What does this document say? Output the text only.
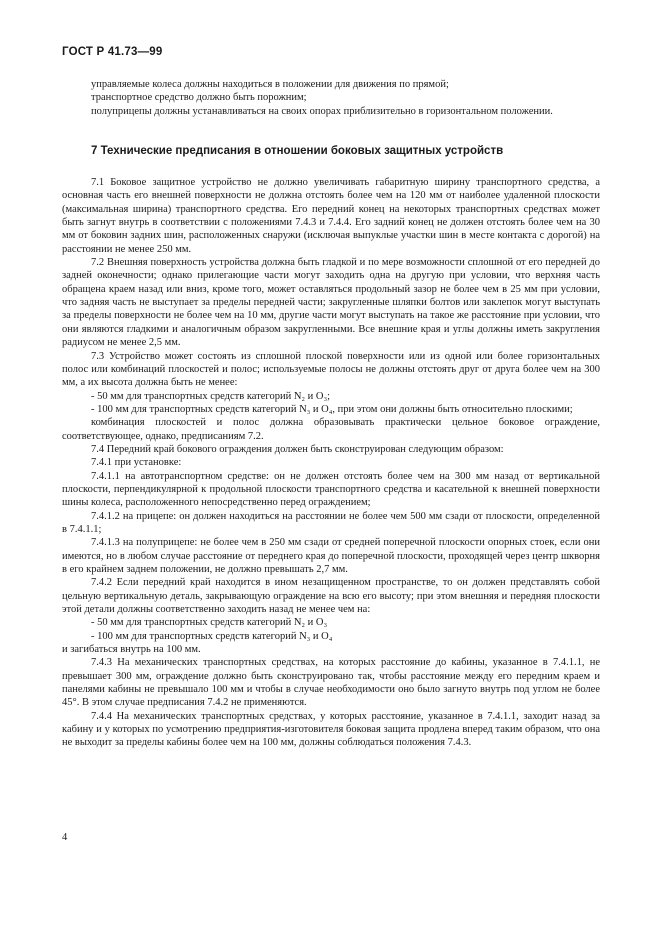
ГОСТ Р 41.73—99

управляемые колеса должны находиться в положении для движения по прямой;

транспортное средство должно быть порожним;

полуприцепы должны устанавливаться на своих опорах приблизительно в горизонтальном положении.

7 Технические предписания в отношении боковых защитных устройств

7.1 Боковое защитное устройство не должно увеличивать габаритную ширину транспортного средства, а основная часть его внешней поверхности не должна отстоять более чем на 120 мм от наиболее удаленной плоскости (максимальная ширина) транспортного средства. Его передний конец на некоторых транспортных средствах может быть загнут внутрь в соответствии с положениями 7.4.3 и 7.4.4. Его задний конец не должен отстоять более чем на 30 мм от боковин задних шин, расположенных снаружи (исключая выпуклые участки шин в месте контакта с дорогой) на расстоянии не менее 250 мм.

7.2 Внешняя поверхность устройства должна быть гладкой и по мере возможности сплошной от его передней до задней оконечности; однако прилегающие части могут заходить одна на другую при условии, что верхняя часть обращена краем назад или вниз, кроме того, может оставляться продольный зазор не более чем в 25 мм при условии, что задняя часть не выступает за пределы передней части; закругленные шляпки болтов или заклепок могут выступать за пределы поверхности не более чем на 10 мм, другие части могут выступать на такое же расстояние при условии, что они являются гладкими и аналогичным образом закругленными. Все внешние края и углы должны иметь закругления радиусом не менее 2,5 мм.

7.3 Устройство может состоять из сплошной плоской поверхности или из одной или более горизонтальных полос или комбинаций плоскостей и полос; используемые полосы не должны отстоять друг от друга более чем на 300 мм, а их высота должна быть не менее:

- 50 мм для транспортных средств категорий N₂ и O₃;

- 100 мм для транспортных средств категорий N₃ и O₄, при этом они должны быть относительно плоскими;

комбинация плоскостей и полос должна образовывать практически цельное боковое ограждение, соответствующее, однако, предписаниям 7.2.

7.4 Передний край бокового ограждения должен быть сконструирован следующим образом:

7.4.1 при установке:

7.4.1.1 на автотранспортном средстве: он не должен отстоять более чем на 300 мм назад от вертикальной плоскости, перпендикулярной к продольной плоскости транспортного средства и касательной к внешней поверхности шины колеса, расположенного непосредственно перед ограждением;

7.4.1.2 на прицепе: он должен находиться на расстоянии не более чем 500 мм сзади от плоскости, определенной в 7.4.1.1;

7.4.1.3 на полуприцепе: не более чем в 250 мм сзади от средней поперечной плоскости опорных стоек, если они имеются, но в любом случае расстояние от переднего края до поперечной плоскости, проходящей через центр шкворня в его крайнем заднем положении, не должно превышать 2,7 мм.

7.4.2 Если передний край находится в ином незащищенном пространстве, то он должен представлять собой цельную вертикальную деталь, закрывающую ограждение на всю его высоту; при этом внешняя и передняя плоскости этой детали должны соответственно заходить назад не менее чем на:

- 50 мм для транспортных средств категорий N₂ и O₃

- 100 мм для транспортных средств категорий N₃ и O₄

и загибаться внутрь на 100 мм.

7.4.3 На механических транспортных средствах, на которых расстояние до кабины, указанное в 7.4.1.1, не превышает 300 мм, ограждение должно быть сконструировано так, чтобы расстояние между его передним краем и панелями кабины не превышало 100 мм и чтобы в случае необходимости оно было загнуто внутрь под углом не более 45°. В этом случае предписания 7.4.2 не применяются.

7.4.4 На механических транспортных средствах, у которых расстояние, указанное в 7.4.1.1, заходит назад за кабину и у которых по усмотрению предприятия-изготовителя боковая защита продлена вперед таким образом, что она не выходит за пределы кабины более чем на 100 мм, должны соблюдаться положения 7.4.3.

4
